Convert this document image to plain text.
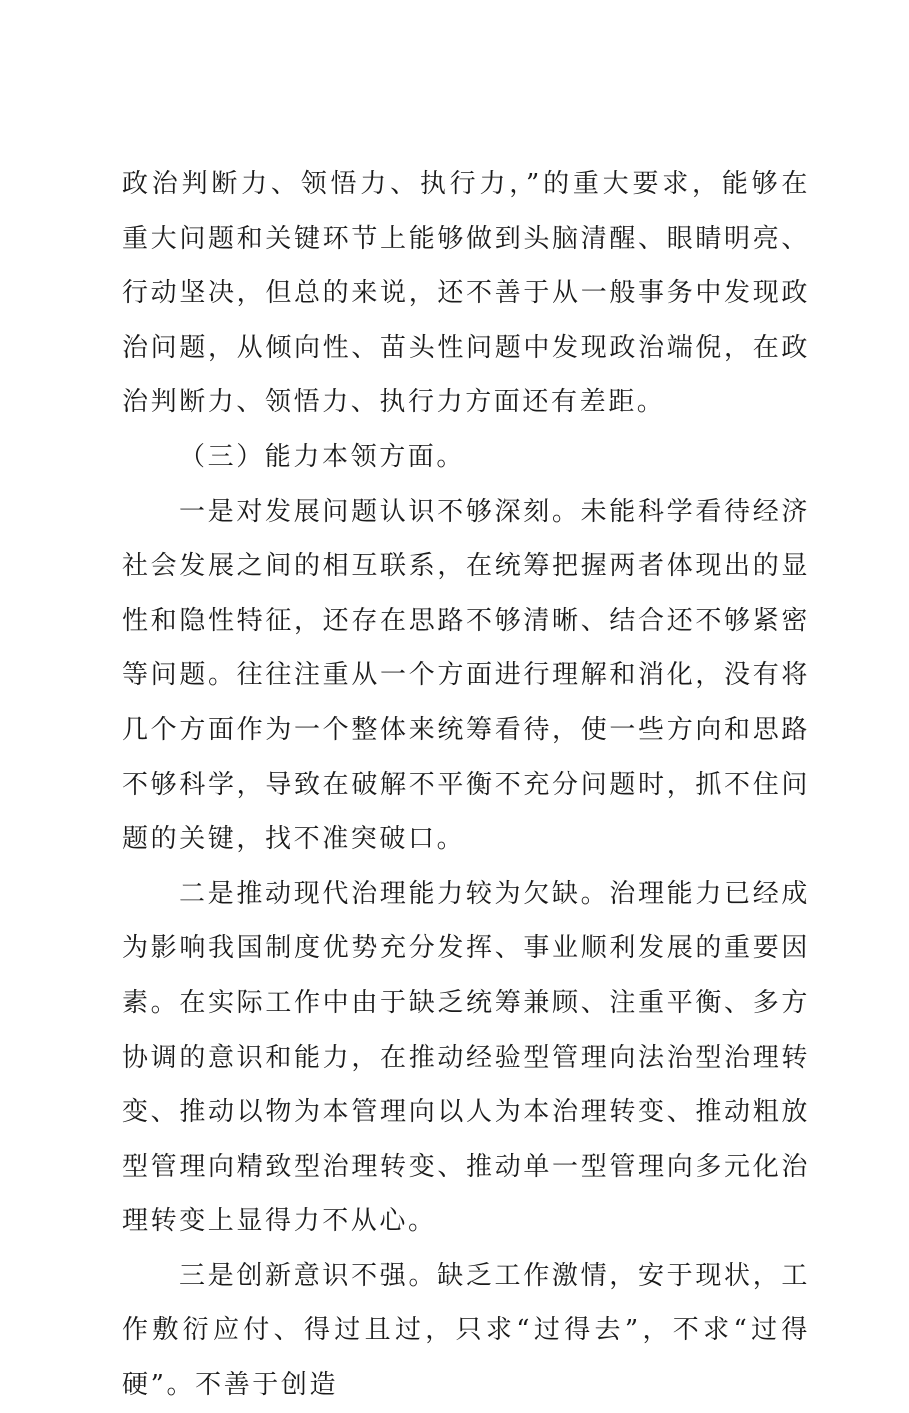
政治判断力、领悟力、执行力，”的重大要求，能够在重大问题和关键环节上能够做到头脑清醒、眼睛明亮、行动坚决，但总的来说，还不善于从一般事务中发现政治问题，从倾向性、苗头性问题中发现政治端倪，在政治判断力、领悟力、执行力方面还有差距。

（三）能力本领方面。

一是对发展问题认识不够深刻。未能科学看待经济社会发展之间的相互联系，在统筹把握两者体现出的显性和隐性特征，还存在思路不够清晰、结合还不够紧密等问题。往往注重从一个方面进行理解和消化，没有将几个方面作为一个整体来统筹看待，使一些方向和思路不够科学，导致在破解不平衡不充分问题时，抓不住问题的关键，找不准突破口。

二是推动现代治理能力较为欠缺。治理能力已经成为影响我国制度优势充分发挥、事业顺利发展的重要因素。在实际工作中由于缺乏统筹兼顾、注重平衡、多方协调的意识和能力，在推动经验型管理向法治型治理转变、推动以物为本管理向以人为本治理转变、推动粗放型管理向精致型治理转变、推动单一型管理向多元化治理转变上显得力不从心。

三是创新意识不强。缺乏工作激情，安于现状，工作敷衍应付、得过且过，只求“过得去”，不求“过得硬”。不善于创造
